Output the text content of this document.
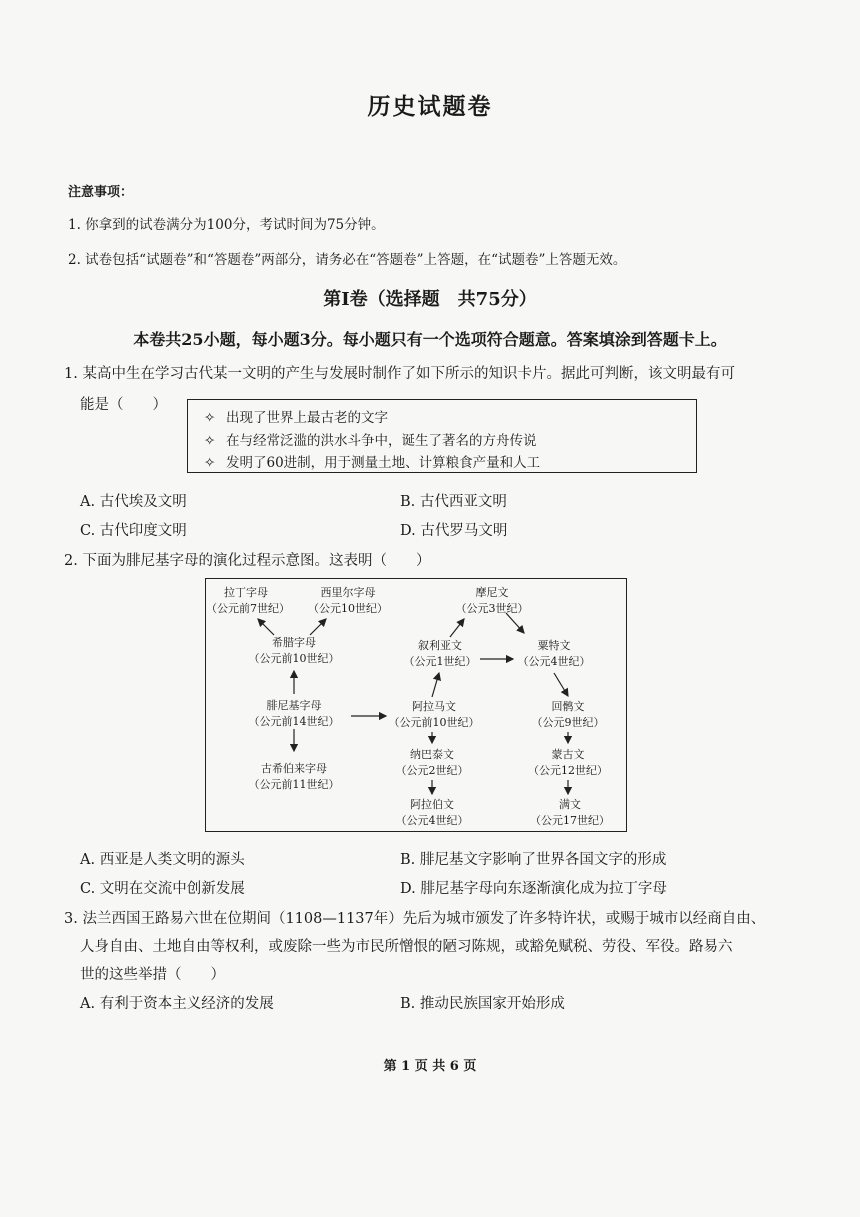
历史试题卷
注意事项：
1. 你拿到的试卷满分为100分，考试时间为75分钟。
2. 试卷包括“试题卷”和“答题卷”两部分，请务必在“答题卷”上答题，在“试题卷”上答题无效。
第Ⅰ卷（选择题　共75分）
本卷共25小题，每小题3分。每小题只有一个选项符合题意。答案填涂到答题卡上。
1. 某高中生在学习古代某一文明的产生与发展时制作了如下所示的知识卡片。据此可判断，该文明最有可
能是（　　）
✧ 出现了世界上最古老的文字
✧ 在与经常泛滥的洪水斗争中，诞生了著名的方舟传说
✧ 发明了60进制，用于测量土地、计算粮食产量和人工
A. 古代埃及文明	B. 古代西亚文明
C. 古代印度文明	D. 古代罗马文明
2. 下面为腓尼基字母的演化过程示意图。这表明（　　）
拉丁字母
（公元前7世纪）
西里尔字母
（公元10世纪）
希腊字母
（公元前10世纪）
腓尼基字母
（公元前14世纪）
古希伯来字母
（公元前11世纪）
摩尼文
（公元3世纪）
叙利亚文
（公元1世纪）
粟特文
（公元4世纪）
阿拉马文
（公元前10世纪）
回鹘文
（公元9世纪）
纳巴泰文
（公元2世纪）
蒙古文
（公元12世纪）
阿拉伯文
（公元4世纪）
满文
（公元17世纪）
A. 西亚是人类文明的源头	B. 腓尼基文字影响了世界各国文字的形成
C. 文明在交流中创新发展	D. 腓尼基字母向东逐渐演化成为拉丁字母
3. 法兰西国王路易六世在位期间（1108—1137年）先后为城市颁发了许多特许状，或赐于城市以经商自由、
人身自由、土地自由等权利，或废除一些为市民所憎恨的陋习陈规，或豁免赋税、劳役、军役。路易六
世的这些举措（　　）
A. 有利于资本主义经济的发展	B. 推动民族国家开始形成
第 1 页 共 6 页
